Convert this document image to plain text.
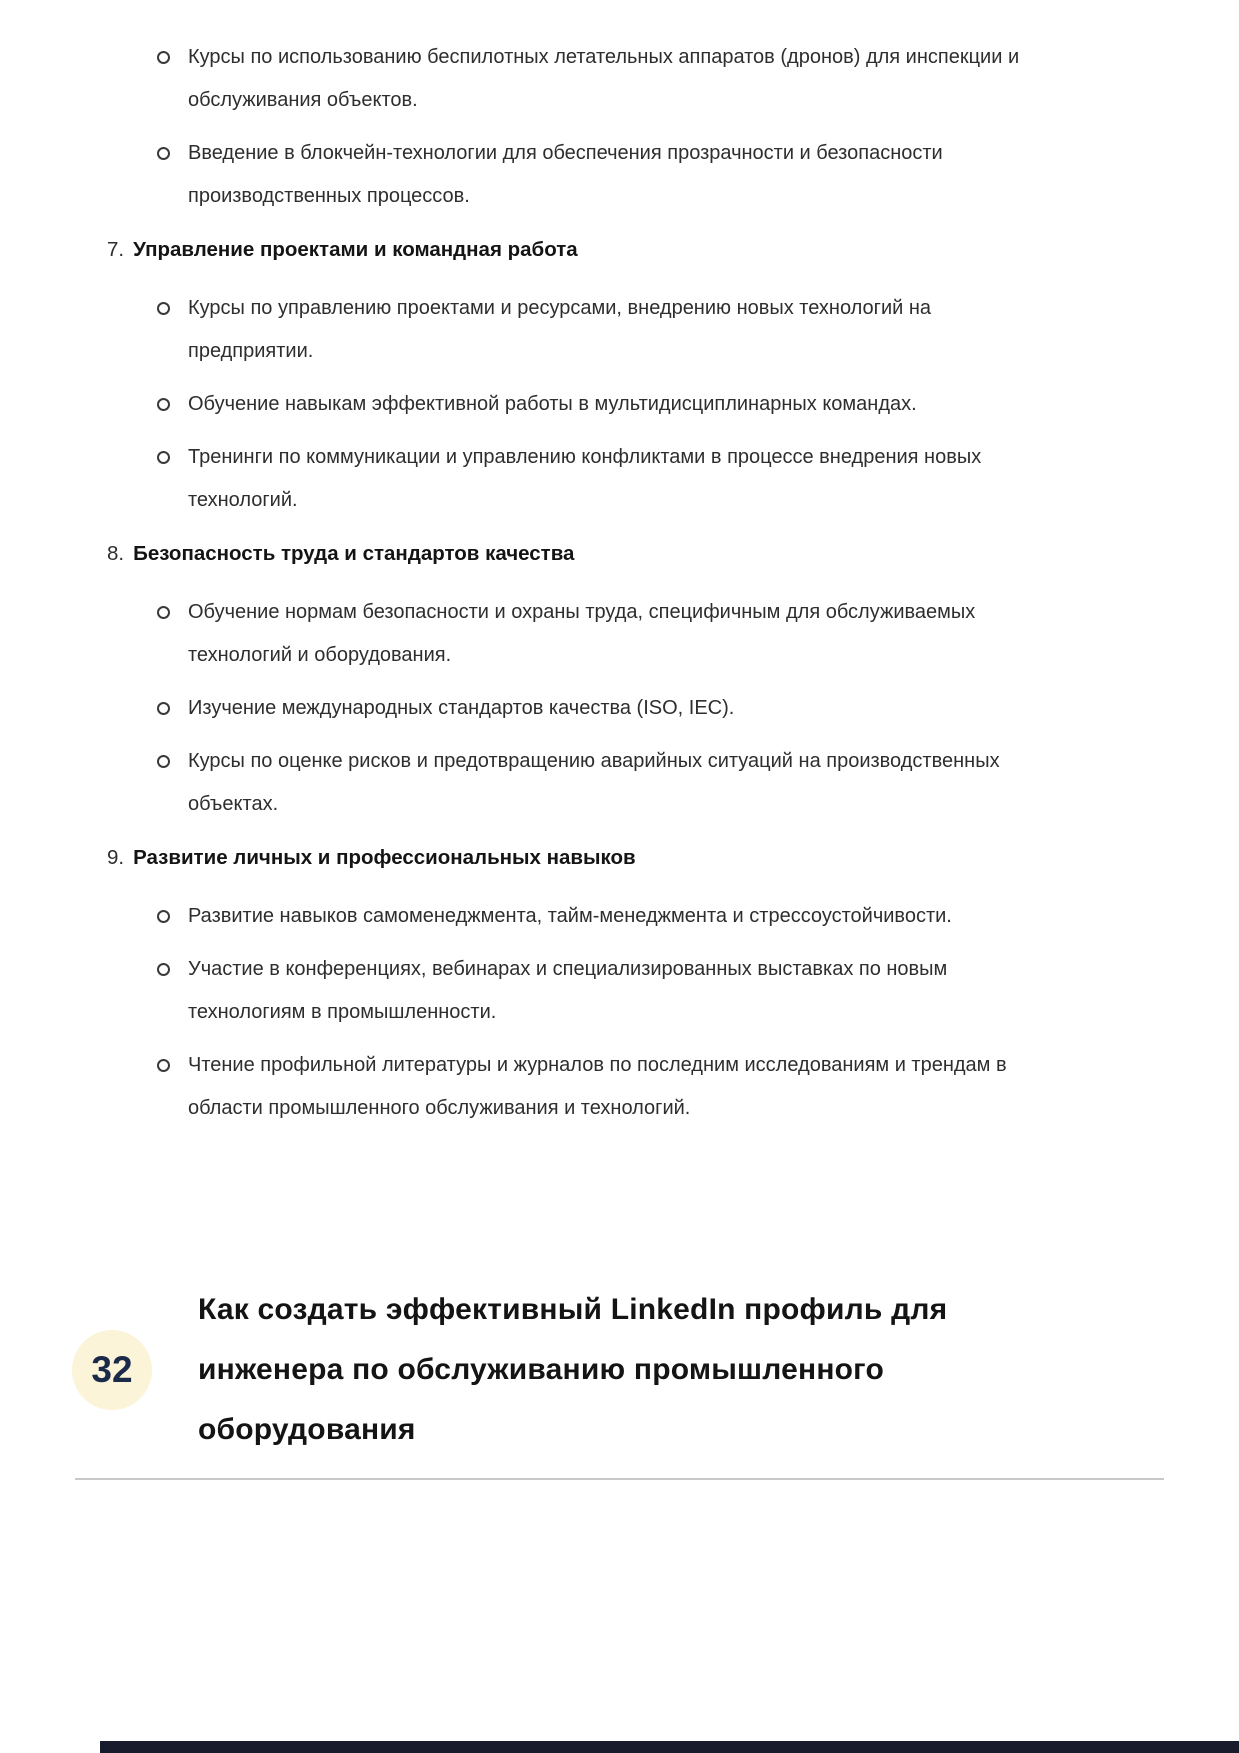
Курсы по использованию беспилотных летательных аппаратов (дронов) для инспекции и обслуживания объектов.

Введение в блокчейн-технологии для обеспечения прозрачности и безопасности производственных процессов.

7. Управление проектами и командная работа

Курсы по управлению проектами и ресурсами, внедрению новых технологий на предприятии.

Обучение навыкам эффективной работы в мультидисциплинарных командах.

Тренинги по коммуникации и управлению конфликтами в процессе внедрения новых технологий.

8. Безопасность труда и стандартов качества

Обучение нормам безопасности и охраны труда, специфичным для обслуживаемых технологий и оборудования.

Изучение международных стандартов качества (ISO, IEC).

Курсы по оценке рисков и предотвращению аварийных ситуаций на производственных объектах.

9. Развитие личных и профессиональных навыков

Развитие навыков самоменеджмента, тайм-менеджмента и стрессоустойчивости.

Участие в конференциях, вебинарах и специализированных выставках по новым технологиям в промышленности.

Чтение профильной литературы и журналов по последним исследованиям и трендам в области промышленного обслуживания и технологий.

32
Как создать эффективный LinkedIn профиль для инженера по обслуживанию промышленного оборудования
